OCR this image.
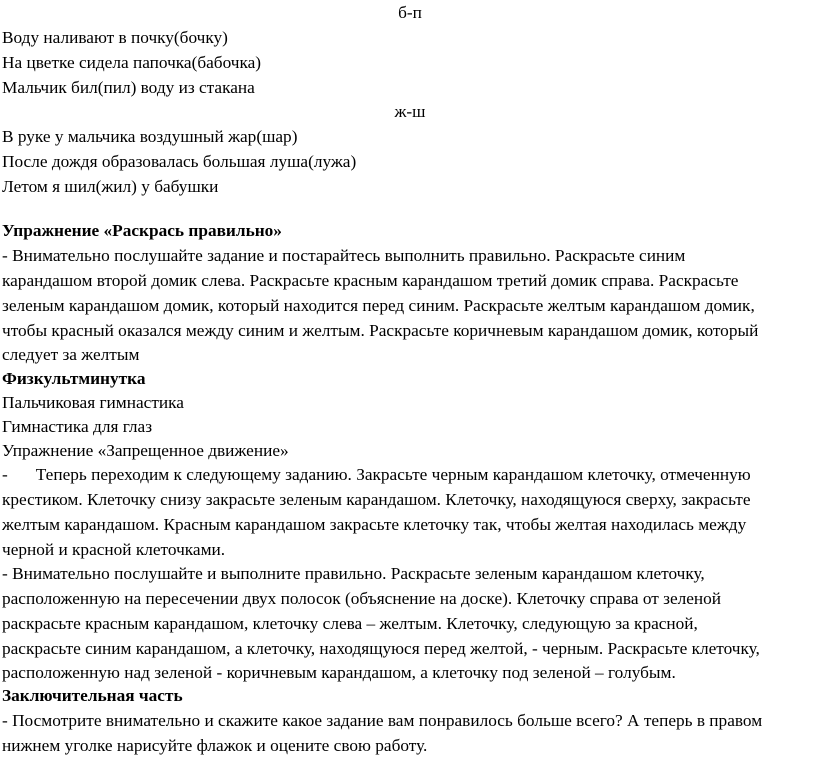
б-п
Воду наливают в почку(бочку)
На цветке сидела папочка(бабочка)
Мальчик бил(пил) воду из стакана
ж-ш
В руке у мальчика воздушный жар(шар)
После дождя образовалась большая луша(лужа)
Летом я шил(жил) у бабушки
Упражнение «Раскрась правильно»
- Внимательно послушайте задание и постарайтесь выполнить правильно. Раскрасьте синим
карандашом второй домик слева. Раскрасьте красным карандашом третий домик справа. Раскрасьте
зеленым карандашом домик, который находится перед синим. Раскрасьте желтым карандашом домик,
чтобы красный оказался между синим и желтым. Раскрасьте коричневым карандашом домик, который
следует за желтым
Физкультминутка
Пальчиковая гимнастика
Гимнастика для глаз
Упражнение «Запрещенное движение»
- Теперь переходим к следующему заданию. Закрасьте черным карандашом клеточку, отмеченную
крестиком. Клеточку снизу закрасьте зеленым карандашом. Клеточку, находящуюся сверху, закрасьте
желтым карандашом. Красным карандашом закрасьте клеточку так, чтобы желтая находилась между
черной и красной клеточками.
- Внимательно послушайте и выполните правильно. Раскрасьте зеленым карандашом клеточку,
расположенную на пересечении двух полосок (объяснение на доске). Клеточку справа от зеленой
раскрасьте красным карандашом, клеточку слева – желтым. Клеточку, следующую за красной,
раскрасьте синим карандашом, а клеточку, находящуюся перед желтой, - черным. Раскрасьте клеточку,
расположенную над зеленой - коричневым карандашом, а клеточку под зеленой – голубым.
Заключительная часть
- Посмотрите внимательно и скажите какое задание вам понравилось больше всего? А теперь в правом
нижнем уголке нарисуйте флажок и оцените свою работу.
